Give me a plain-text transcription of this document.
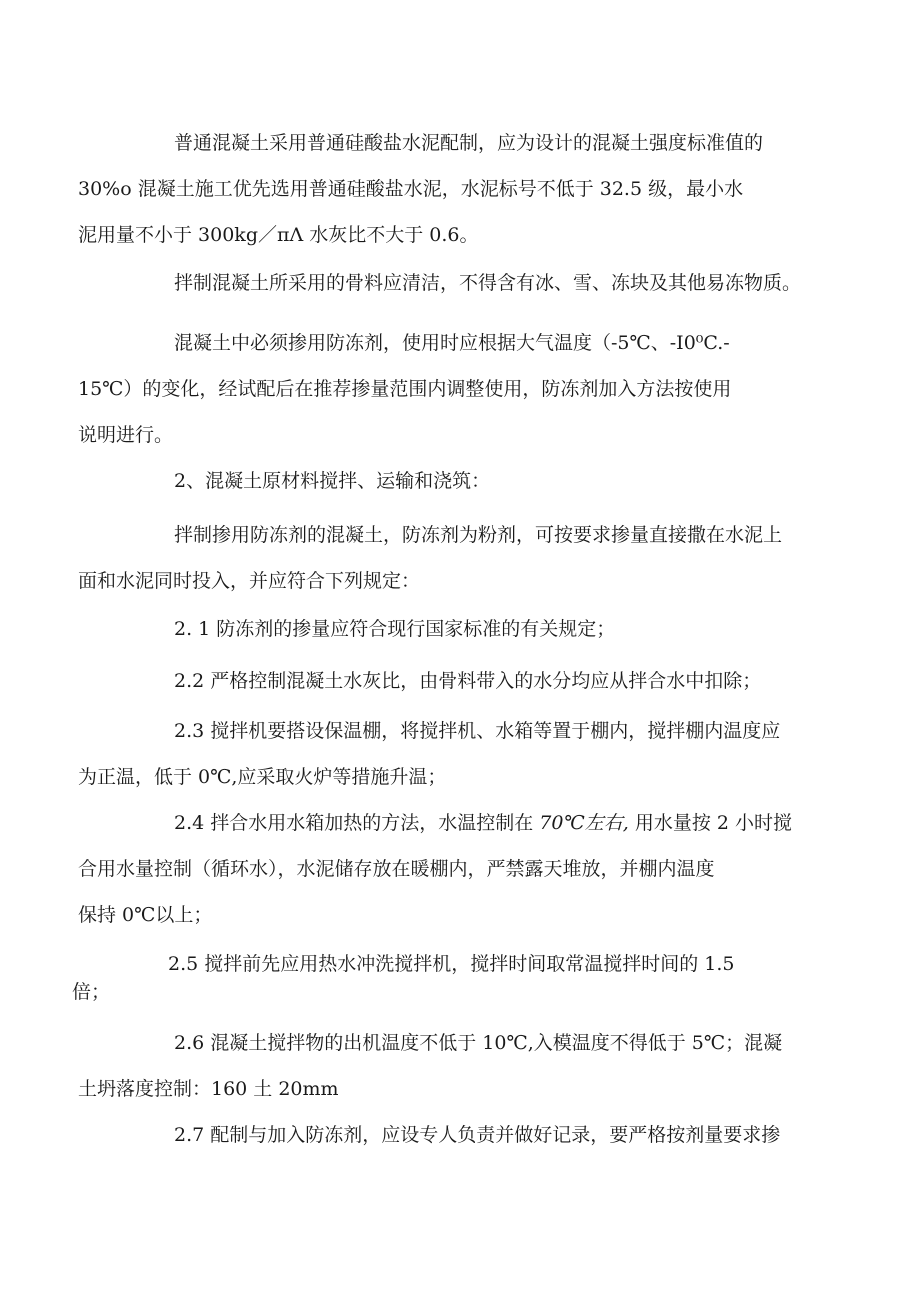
普通混凝土采用普通硅酸盐水泥配制，应为设计的混凝土强度标准值的
30%o 混凝土施工优先选用普通硅酸盐水泥，水泥标号不低于 32.5 级，最小水
泥用量不小于 300kg／πΛ 水灰比不大于 0.6。

拌制混凝土所采用的骨料应清洁，不得含有冰、雪、冻块及其他易冻物质。

混凝土中必须掺用防冻剂，使用时应根据大气温度（-5℃、-I0⁰C.-
15℃）的变化，经试配后在推荐掺量范围内调整使用，防冻剂加入方法按使用
说明进行。

2、混凝土原材料搅拌、运输和浇筑：

拌制掺用防冻剂的混凝土，防冻剂为粉剂，可按要求掺量直接撒在水泥上
面和水泥同时投入，并应符合下列规定：

2. 1 防冻剂的掺量应符合现行国家标准的有关规定；

2.2 严格控制混凝土水灰比，由骨料带入的水分均应从拌合水中扣除；

2.3 搅拌机要搭设保温棚，将搅拌机、水箱等置于棚内，搅拌棚内温度应
为正温，低于 0℃,应采取火炉等措施升温；

2.4 拌合水用水箱加热的方法，水温控制在 70℃左右, 用水量按 2 小时搅
合用水量控制（循环水），水泥储存放在暖棚内，严禁露天堆放，并棚内温度
保持 0℃以上；

2.5 搅拌前先应用热水冲洗搅拌机，搅拌时间取常温搅拌时间的 1.5
倍；

2.6 混凝土搅拌物的出机温度不低于 10℃,入模温度不得低于 5℃；混凝
土坍落度控制：160 土 20mm

2.7 配制与加入防冻剂，应设专人负责并做好记录，要严格按剂量要求掺
